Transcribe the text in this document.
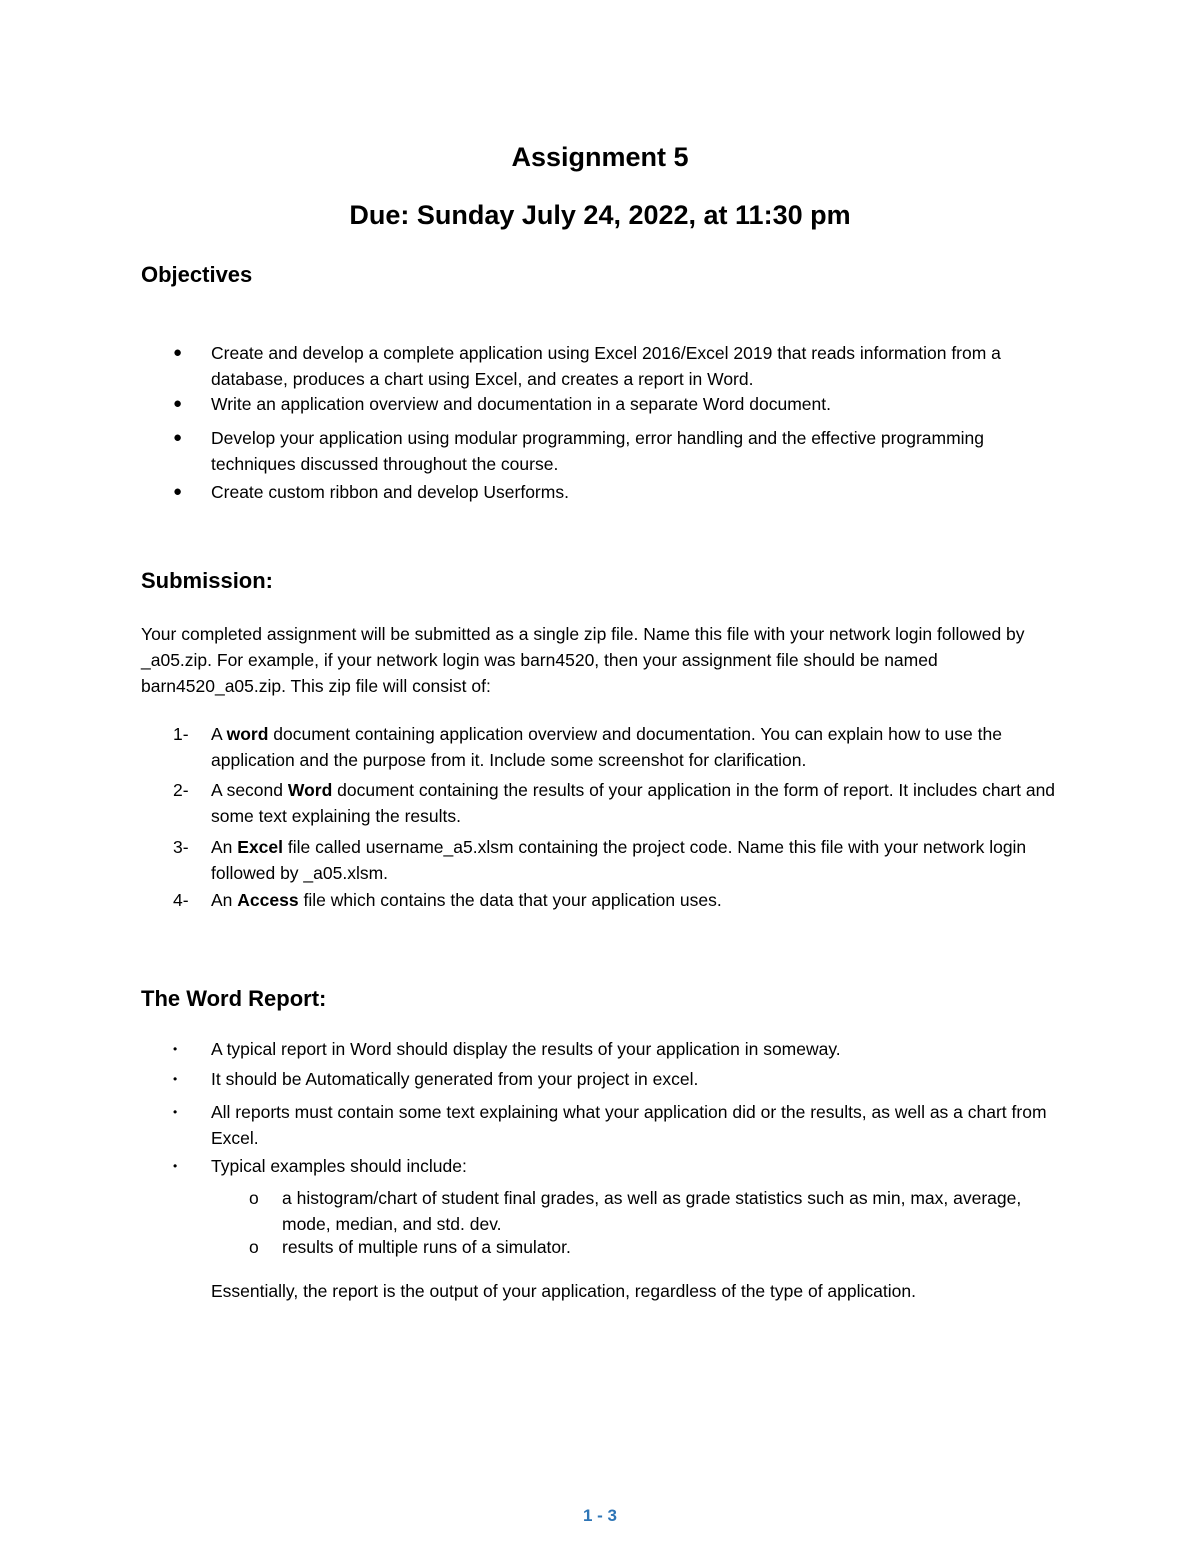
Assignment 5
Due: Sunday July 24, 2022, at 11:30 pm
Objectives
●	Create and develop a complete application using Excel 2016/Excel 2019 that reads information from a database, produces a chart using Excel, and creates a report in Word.
●	Write an application overview and documentation in a separate Word document.
●	Develop your application using modular programming, error handling and the effective programming techniques discussed throughout the course.
●	Create custom ribbon and develop Userforms.
Submission:

Your completed assignment will be submitted as a single zip file. Name this file with your network login followed by _a05.zip. For example, if your network login was barn4520, then your assignment file should be named barn4520_a05.zip. This zip file will consist of:

1-	A word document containing application overview and documentation. You can explain how to use the application and the purpose from it. Include some screenshot for clarification.
2-	A second Word document containing the results of your application in the form of report. It includes chart and some text explaining the results.
3-	An Excel file called username_a5.xlsm containing the project code. Name this file with your network login followed by _a05.xlsm.
4-	An Access file which contains the data that your application uses.
The Word Report:
•	A typical report in Word should display the results of your application in someway.
•	It should be Automatically generated from your project in excel.
•	All reports must contain some text explaining what your application did or the results, as well as a chart from Excel.
•	Typical examples should include:
o a histogram/chart of student final grades, as well as grade statistics such as min, max, average, mode, median, and std. dev.
o results of multiple runs of a simulator.

Essentially, the report is the output of your application, regardless of the type of application.

1 - 3
